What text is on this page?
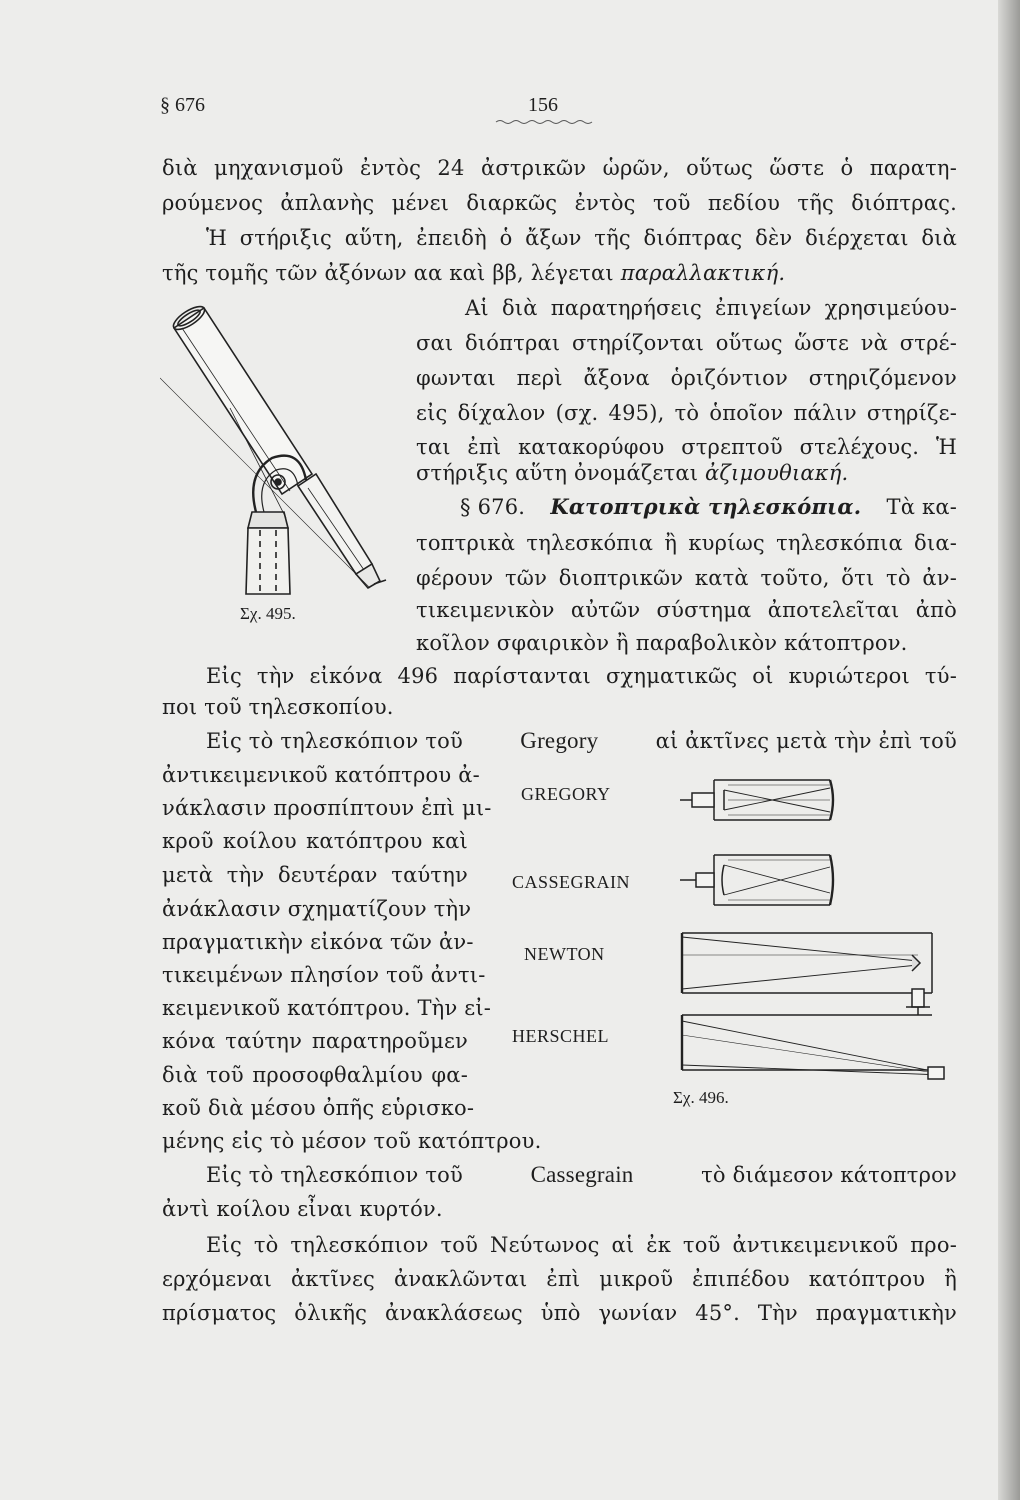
§ 676	156
διὰ μηχανισμοῦ ἐντὸς 24 ἀστρικῶν ὡρῶν, οὕτως ὥστε ὁ παρατη-
ρούμενος ἀπλανὴς μένει διαρκῶς ἐντὸς τοῦ πεδίου τῆς διόπτρας.
Ἡ στήριξις αὕτη, ἐπειδὴ ὁ ἄξων τῆς διόπτρας δὲν διέρχεται διὰ
τῆς τομῆς τῶν ἀξόνων αα καὶ ββ, λέγεται παραλλακτική.
Αἱ διὰ παρατηρήσεις ἐπιγείων χρησιμεύου-
σαι διόπτραι στηρίζονται οὕτως ὥστε νὰ στρέ-
φωνται περὶ ἄξονα ὁριζόντιον στηριζόμενον
εἰς δίχαλον (σχ. 495), τὸ ὁποῖον πάλιν στηρίζε-
ται ἐπὶ κατακορύφου στρεπτοῦ στελέχους. Ἡ
στήριξις αὕτη ὀνομάζεται ἀζιμουθιακή.
§ 676. Κατοπτρικὰ τηλεσκόπια. Τὰ κα-
τοπτρικὰ τηλεσκόπια ἢ κυρίως τηλεσκόπια δια-
φέρουν τῶν διοπτρικῶν κατὰ τοῦτο, ὅτι τὸ ἀν-
τικειμενικὸν αὐτῶν σύστημα ἀποτελεῖται ἀπὸ
κοῖλον σφαιρικὸν ἢ παραβολικὸν κάτοπτρον.
Σχ. 495.
Εἰς τὴν εἰκόνα 496 παρίστανται σχηματικῶς οἱ κυριώτεροι τύ-
ποι τοῦ τηλεσκοπίου.
Εἰς τὸ τηλεσκόπιον τοῦ Gregory	αἱ ἀκτῖνες μετὰ τὴν ἐπὶ τοῦ
ἀντικειμενικοῦ κατόπτρου ἀ-
νάκλασιν προσπίπτουν ἐπὶ μι-
κροῦ κοίλου κατόπτρου καὶ
μετὰ τὴν δευτέραν ταύτην
ἀνάκλασιν σχηματίζουν τὴν
πραγματικὴν εἰκόνα τῶν ἀν-
τικειμένων πλησίον τοῦ ἀντι-
κειμενικοῦ κατόπτρου. Τὴν εἰ-
κόνα ταύτην παρατηροῦμεν
διὰ τοῦ προσοφθαλμίου φα-
κοῦ διὰ μέσου ὀπῆς εὑρισκο-
μένης εἰς τὸ μέσον τοῦ κατόπτρου.
GREGORY
CASSEGRAIN
NEWTON
HERSCHEL
Σχ. 496.
Εἰς τὸ τηλεσκόπιον τοῦ	Cassegrain	τὸ διάμεσον κάτοπτρον
ἀντὶ κοίλου εἶναι κυρτόν.
Εἰς τὸ τηλεσκόπιον τοῦ Νεύτωνος αἱ ἐκ τοῦ ἀντικειμενικοῦ προ-
ερχόμεναι ἀκτῖνες ἀνακλῶνται ἐπὶ μικροῦ ἐπιπέδου κατόπτρου ἢ
πρίσματος ὁλικῆς ἀνακλάσεως ὑπὸ γωνίαν 45°. Τὴν πραγματικὴν
